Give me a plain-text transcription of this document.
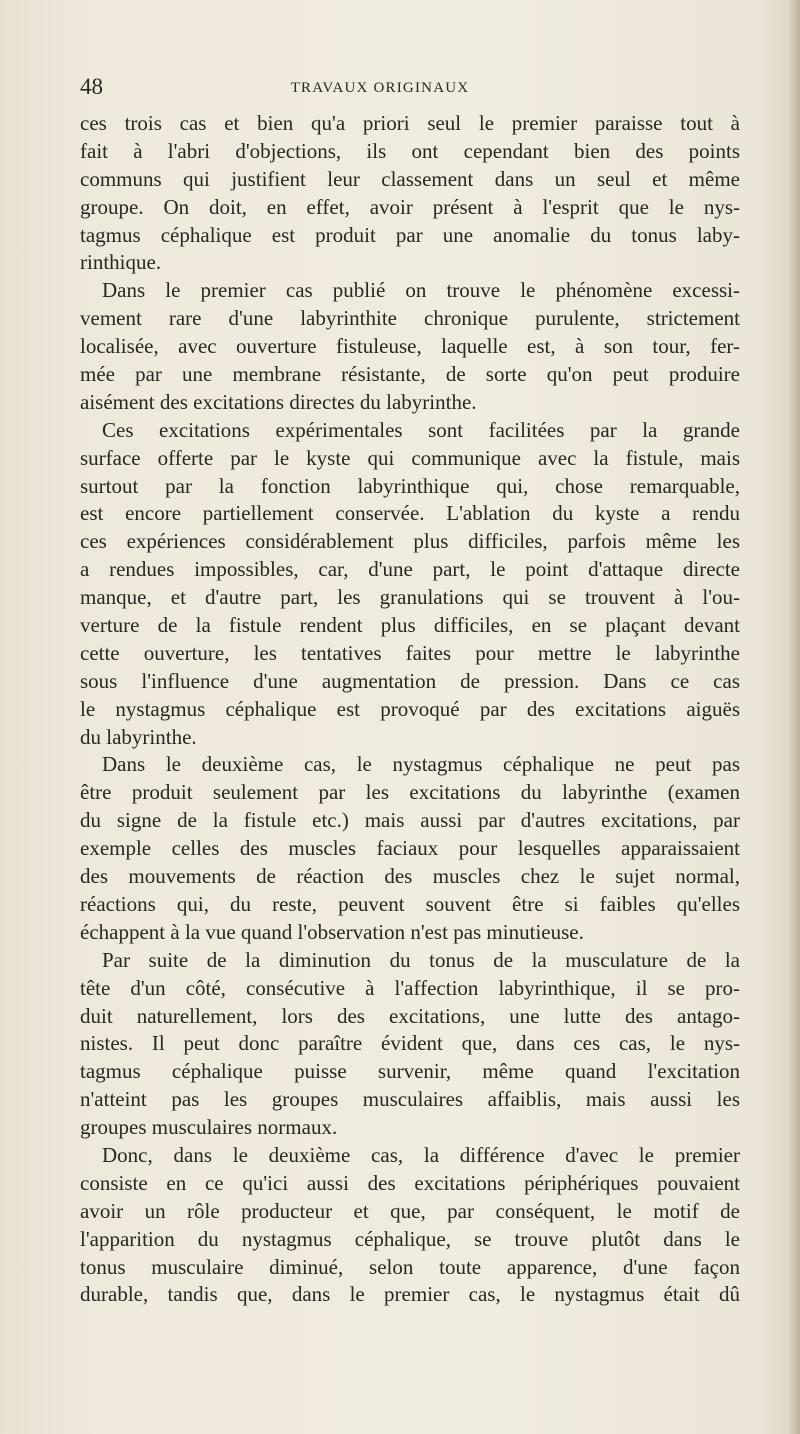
48	TRAVAUX ORIGINAUX
ces trois cas et bien qu'a priori seul le premier paraisse tout à
fait à l'abri d'objections, ils ont cependant bien des points
communs qui justifient leur classement dans un seul et même
groupe. On doit, en effet, avoir présent à l'esprit que le nys-
tagmus céphalique est produit par une anomalie du tonus laby-
rinthique.
Dans le premier cas publié on trouve le phénomène excessi-
vement rare d'une labyrinthite chronique purulente, strictement
localisée, avec ouverture fistuleuse, laquelle est, à son tour, fer-
mée par une membrane résistante, de sorte qu'on peut produire
aisément des excitations directes du labyrinthe.
Ces excitations expérimentales sont facilitées par la grande
surface offerte par le kyste qui communique avec la fistule, mais
surtout par la fonction labyrinthique qui, chose remarquable,
est encore partiellement conservée. L'ablation du kyste a rendu
ces expériences considérablement plus difficiles, parfois même les
a rendues impossibles, car, d'une part, le point d'attaque directe
manque, et d'autre part, les granulations qui se trouvent à l'ou-
verture de la fistule rendent plus difficiles, en se plaçant devant
cette ouverture, les tentatives faites pour mettre le labyrinthe
sous l'influence d'une augmentation de pression. Dans ce cas
le nystagmus céphalique est provoqué par des excitations aiguës
du labyrinthe.
Dans le deuxième cas, le nystagmus céphalique ne peut pas
être produit seulement par les excitations du labyrinthe (examen
du signe de la fistule etc.) mais aussi par d'autres excitations, par
exemple celles des muscles faciaux pour lesquelles apparaissaient
des mouvements de réaction des muscles chez le sujet normal,
réactions qui, du reste, peuvent souvent être si faibles qu'elles
échappent à la vue quand l'observation n'est pas minutieuse.
Par suite de la diminution du tonus de la musculature de la
tête d'un côté, consécutive à l'affection labyrinthique, il se pro-
duit naturellement, lors des excitations, une lutte des antago-
nistes. Il peut donc paraître évident que, dans ces cas, le nys-
tagmus céphalique puisse survenir, même quand l'excitation
n'atteint pas les groupes musculaires affaiblis, mais aussi les
groupes musculaires normaux.
Donc, dans le deuxième cas, la différence d'avec le premier
consiste en ce qu'ici aussi des excitations périphériques pouvaient
avoir un rôle producteur et que, par conséquent, le motif de
l'apparition du nystagmus céphalique, se trouve plutôt dans le
tonus musculaire diminué, selon toute apparence, d'une façon
durable, tandis que, dans le premier cas, le nystagmus était dû
